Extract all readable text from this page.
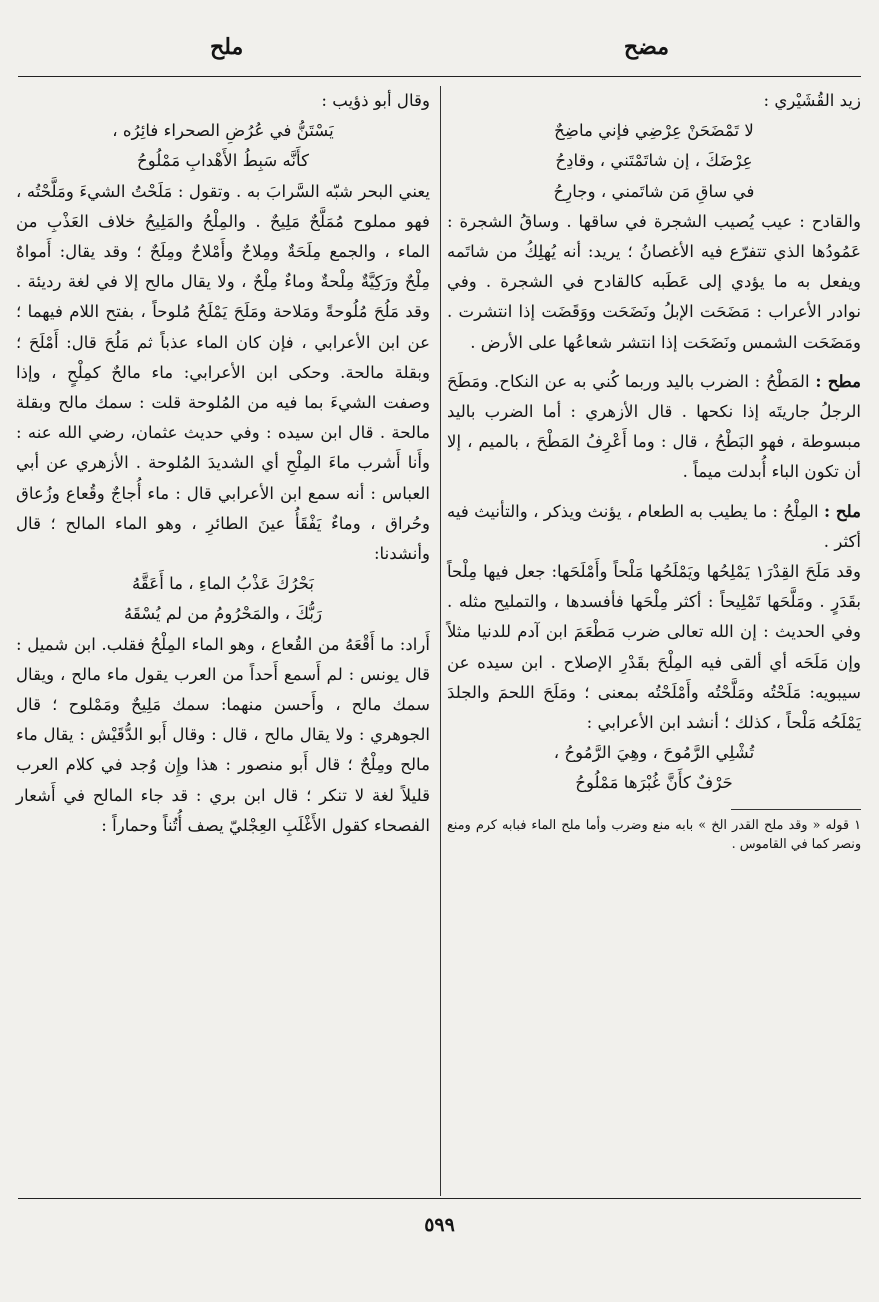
مضح
ملح

زيد القُشَيْري :

لا تَمْضَحَنْ عِرْضِي فإني ماضِحٌ
عِرْضَكَ ، إن شاتَمْتَني ، وقادِحُ
في ساقِ مَن شاتَمني ، وجارِحُ

والقادح : عيب يُصيب الشجرة في ساقها . وساقُ الشجرة : عَمُودُها الذي تتفرّع فيه الأغصانُ ؛ يريد: أنه يُهلِكُ من شاتَمه ويفعل به ما يؤدي إلى عَطَبه كالقادح في الشجرة . وفي نوادر الأعراب : مَضَحَت الإبلُ ونَضَحَت ووَقَضَت إذا انتشرت . ومَضَحَت الشمس ونَضَحَت إذا انتشر شعاعُها على الأرض .

مطح : المَطْحُ : الضرب باليد وربما كُني به عن النكاح. ومَطَحَ الرجلُ جاريتَه إذا نكحها . قال الأزهري : أما الضرب باليد مبسوطة ، فهو البَطْحُ ، قال : وما أَعْرِفُ المَطْحَ ، بالميم ، إلا أن تكون الباء أُبدلت ميماً .

ملح : المِلْحُ : ما يطيب به الطعام ، يؤنث ويذكر ، والتأنيث فيه أكثر .

وقد مَلَحَ القِدْرَ١ يَمْلِحُها ويَمْلَحُها مَلْحاً وأَمْلَحَها: جعل فيها مِلْحاً بقَدَرٍ . ومَلَّحَها تَمْلِيحاً : أكثر مِلْحَها فأفسدها ، والتمليح مثله . وفي الحديث : إن الله تعالى ضرب مَطْعَمَ ابن آدم للدنيا مثلاً وإن مَلَحَه أي ألقى فيه المِلْحَ بقَدْرِ الإصلاح . ابن سيده عن سيبويه: مَلَحْتُه ومَلَّحْتُه وأَمْلَحْتُه بمعنى ؛ ومَلَحَ اللحمَ والجلدَ يَمْلَحُه مَلْحاً ، كذلك ؛ أنشد ابن الأعرابي :

تُشْلِي الرَّمُوحَ ، وهِيَ الرَّمُوحُ ،
حَرْفٌ كأَنَّ غُبْرَها مَمْلُوحُ

١ قوله « وقد ملح القدر الخ » بابه منع وضرب وأما ملح الماء فبابه كرم ومنع ونصر كما في القاموس .

وقال أبو ذؤيب :

يَسْتَنُّ في عُرُضِ الصحراء فائِرُه ،
كأَنَّه سَبِطُ الأَهْدابِ مَمْلُوحُ

يعني البحر شبّه السَّرابَ به . وتقول : مَلَحْتُ الشيءَ ومَلَّحْتُه ، فهو مملوح مُمَلَّحٌ مَلِيحٌ . والمِلْحُ والمَلِيحُ خلاف العَذْبِ من الماء ، والجمع مِلَحَةٌ ومِلاحٌ وأَمْلاحٌ ومِلَحٌ ؛ وقد يقال: أَمواهٌ مِلْحٌ ورَكِيَّةٌ مِلْحةٌ وماءٌ مِلْحٌ ، ولا يقال مالح إلا في لغة رديئة . وقد مَلُحَ مُلُوحةً ومَلاحة ومَلَحَ يَمْلَحُ مُلوحاً ، بفتح اللام فيهما ؛ عن ابن الأعرابي ، فإن كان الماء عذباً ثم مَلُحَ قال: أَمْلَحَ ؛ وبقلة مالحة. وحكى ابن الأعرابي: ماء مالحٌ كمِلْحٍ ، وإذا وصفت الشيءَ بما فيه من المُلوحة قلت : سمك مالح وبقلة مالحة . قال ابن سيده : وفي حديث عثمان، رضي الله عنه : وأَنا أَشرب ماءَ المِلْحِ أي الشديدَ المُلوحة . الأزهري عن أبي العباس : أنه سمع ابن الأعرابي قال : ماء أُجاجٌ وقُعاع وزُعاق وحُراق ، وماءٌ يَفْقَأُ عينَ الطائرِ ، وهو الماء المالح ؛ قال وأنشدنا:

بَحْرُكَ عَذْبُ الماءِ ، ما أَعَقَّهُ
رَبُّكَ ، والمَحْرُومُ من لم يُسْقَهُ

أَراد: ما أَقْعَهُ من القُعاع ، وهو الماء المِلْحُ فقلب. ابن شميل : قال يونس : لم أَسمع أَحداً من العرب يقول ماء مالح ، ويقال سمك مالح ، وأَحسن منهما: سمك مَلِيحٌ ومَمْلوح ؛ قال الجوهري : ولا يقال مالح ، قال : وقال أَبو الدُّقَيْش : يقال ماء مالح ومِلْحٌ ؛ قال أَبو منصور : هذا وإِن وُجد في كلام العرب قليلاً لغة لا تنكر ؛ قال ابن بري : قد جاء المالح في أَشعار الفصحاء كقول الأَغْلَبِ العِجْليّ يصف أُتُناً وحماراً :

٥٩٩
